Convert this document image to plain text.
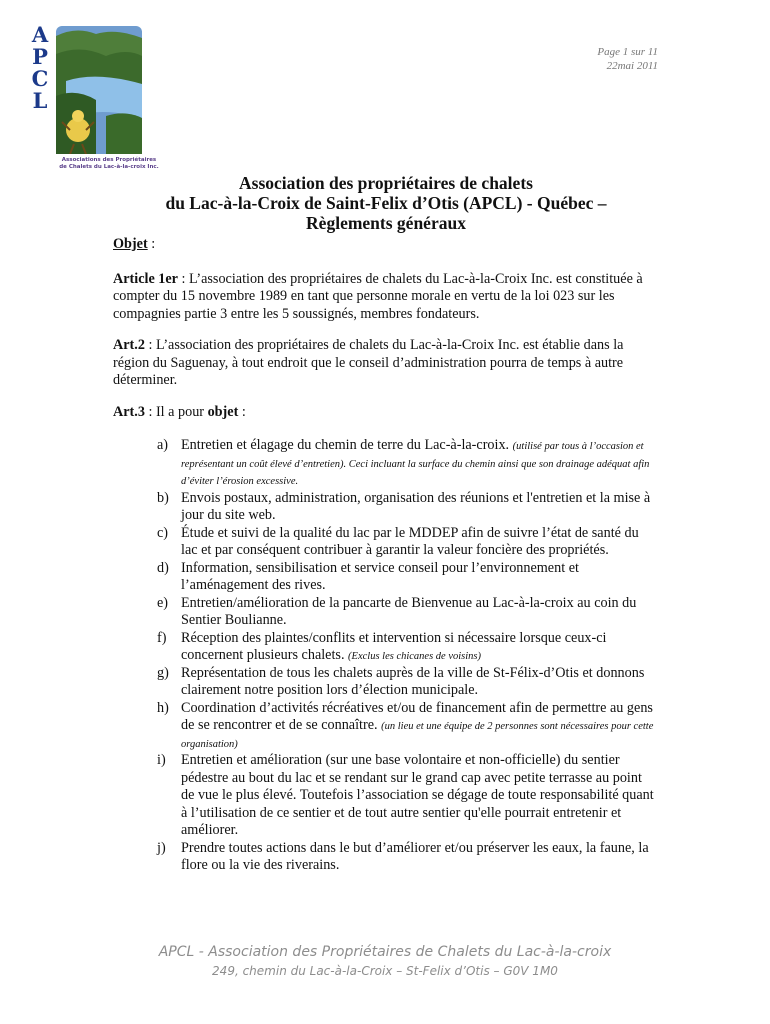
A
P
C
L
Associations des Propriétaires
de Chalets du Lac-à-la-croix Inc.
Page 1 sur 11
22mai 2011
Association des propriétaires de chalets
du Lac-à-la-Croix de Saint-Felix d’Otis (APCL) - Québec –
Règlements généraux

Objet :

Article 1er : L’association des propriétaires de chalets du Lac-à-la-Croix Inc. est constituée à compter du 15 novembre 1989 en tant que personne morale en vertu de la loi 023 sur les compagnies partie 3 entre les 5 soussignés, membres fondateurs.

Art.2 : L’association des propriétaires de chalets du Lac-à-la-Croix Inc. est établie dans la région du Saguenay, à tout endroit que le conseil d’administration pourra de temps à autre déterminer.

Art.3 : Il a pour objet :

a) Entretien et élagage du chemin de terre du Lac-à-la-croix. (utilisé par tous à l’occasion et représentant un coût élevé d’entretien). Ceci incluant la surface du chemin ainsi que son drainage adéquat afin d’éviter l’érosion excessive.
b) Envois postaux, administration, organisation des réunions et l'entretien et la mise à jour du site web.
c) Étude et suivi de la qualité du lac par le MDDEP afin de suivre l’état de santé du lac et par conséquent contribuer à garantir la valeur foncière des propriétés.
d) Information, sensibilisation et service conseil pour l’environnement et l’aménagement des rives.
e) Entretien/amélioration de la pancarte de Bienvenue au Lac-à-la-croix au coin du Sentier Boulianne.
f) Réception des plaintes/conflits et intervention si nécessaire lorsque ceux-ci concernent plusieurs chalets. (Exclus les chicanes de voisins)
g) Représentation de tous les chalets auprès de la ville de St-Félix-d’Otis et donnons clairement notre position lors d’élection municipale.
h) Coordination d’activités récréatives et/ou de financement afin de permettre au gens de se rencontrer et de se connaître. (un lieu et une équipe de 2 personnes sont nécessaires pour cette organisation)
i) Entretien et amélioration (sur une base volontaire et non-officielle) du sentier pédestre au bout du lac et se rendant sur le grand cap avec petite terrasse au point de vue le plus élevé. Toutefois l’association se dégage de toute responsabilité quant à l’utilisation de ce sentier et de tout autre sentier qu'elle pourrait entretenir et améliorer.
j) Prendre toutes actions dans le but d’améliorer et/ou préserver les eaux, la faune, la flore ou la vie des riverains.
APCL - Association des Propriétaires de Chalets du Lac-à-la-croix
249, chemin du Lac-à-la-Croix – St-Felix d’Otis – G0V 1M0
